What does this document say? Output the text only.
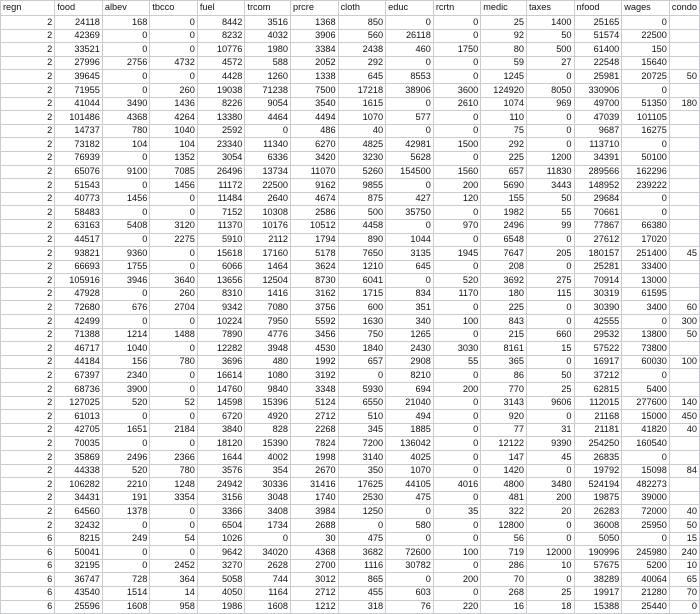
regn	food	albev	tbcco	fuel	trcom	prcre	cloth	educ	rcrtn	medic	taxes	nfood	wages	condo
2	24118	168	0	8442	3516	1368	850	0	0	25	1400	25165	0	
2	42369	0	0	8232	4032	3906	560	26118	0	92	50	51574	22500	
2	33521	0	0	10776	1980	3384	2438	460	1750	80	500	61400	150	
2	27996	2756	4732	4572	588	2052	292	0	0	59	27	22548	15640	
2	39645	0	0	4428	1260	1338	645	8553	0	1245	0	25981	20725	50
2	71955	0	260	19038	71238	7500	17218	38906	3600	124920	8050	330906	0	
2	41044	3490	1436	8226	9054	3540	1615	0	2610	1074	969	49700	51350	180
2	101486	4368	4264	13380	4464	4494	1070	577	0	110	0	47039	101105	
2	14737	780	1040	2592	0	486	40	0	0	75	0	9687	16275	
2	73182	104	104	23340	11340	6270	4825	42981	1500	292	0	113710	0	
2	76939	0	1352	3054	6336	3420	3230	5628	0	225	1200	34391	50100	
2	65076	9100	7085	26496	13734	11070	5260	154500	1560	657	11830	289566	162296	
2	51543	0	1456	11172	22500	9162	9855	0	200	5690	3443	148952	239222	
2	40773	1456	0	11484	2640	4674	875	427	120	155	50	29684	0	
2	58483	0	0	7152	10308	2586	500	35750	0	1982	55	70661	0	
2	63163	5408	3120	11370	10176	10512	4458	0	970	2496	99	77867	66380	
2	44517	0	2275	5910	2112	1794	890	1044	0	6548	0	27612	17020	
2	93821	9360	0	15618	17160	5178	7650	3135	1945	7647	205	180157	251400	45
2	66693	1755	0	6066	1464	3624	1210	645	0	208	0	25281	33400	
2	105916	3946	3640	13656	12504	8730	6041	0	520	3692	275	70914	13000	
2	47928	0	260	8310	1416	3162	1715	834	1170	180	115	30319	61595	
2	72680	676	2704	9342	7080	3756	600	351	0	225	0	30390	3400	60
2	42499	0	0	10224	7950	5592	1630	340	100	843	0	42555	0	300
2	71388	1214	1488	7890	4776	3456	750	1265	0	215	660	29532	13800	50
2	46717	1040	0	12282	3948	4530	1840	2430	3030	8161	15	57522	73800	
2	44184	156	780	3696	480	1992	657	2908	55	365	0	16917	60030	100
2	67397	2340	0	16614	1080	3192	0	8210	0	86	50	37212	0	
2	68736	3900	0	14760	9840	3348	5930	694	200	770	25	62815	5400	
2	127025	520	52	14598	15396	5124	6550	21040	0	3143	9606	112015	277600	140
2	61013	0	0	6720	4920	2712	510	494	0	920	0	21168	15000	450
2	42705	1651	2184	3840	828	2268	345	1885	0	77	31	21181	41820	40
2	70035	0	0	18120	15390	7824	7200	136042	0	12122	9390	254250	160540	
2	35869	2496	2366	1644	4002	1998	3140	4025	0	147	45	26835	0	
2	44338	520	780	3576	354	2670	350	1070	0	1420	0	19792	15098	84
2	106282	2210	1248	24942	30336	31416	17625	44105	4016	4800	3480	524194	482273	
2	34431	191	3354	3156	3048	1740	2530	475	0	481	200	19875	39000	
2	64560	1378	0	3366	3408	3984	1250	0	35	322	20	26283	72000	40
2	32432	0	0	6504	1734	2688	0	580	0	12800	0	36008	25950	50
6	8215	249	54	1026	0	30	475	0	0	56	0	5050	0	15
6	50041	0	0	9642	34020	4368	3682	72600	100	719	12000	190996	245980	240
6	32195	0	2452	3270	2628	2700	1116	30782	0	286	10	57675	5200	10
6	36747	728	364	5058	744	3012	865	0	200	70	0	38289	40064	65
6	43540	1514	14	4050	1164	2712	455	603	0	268	25	19917	21280	70
6	25596	1608	958	1986	1608	1212	318	76	220	16	18	15388	25440	0
